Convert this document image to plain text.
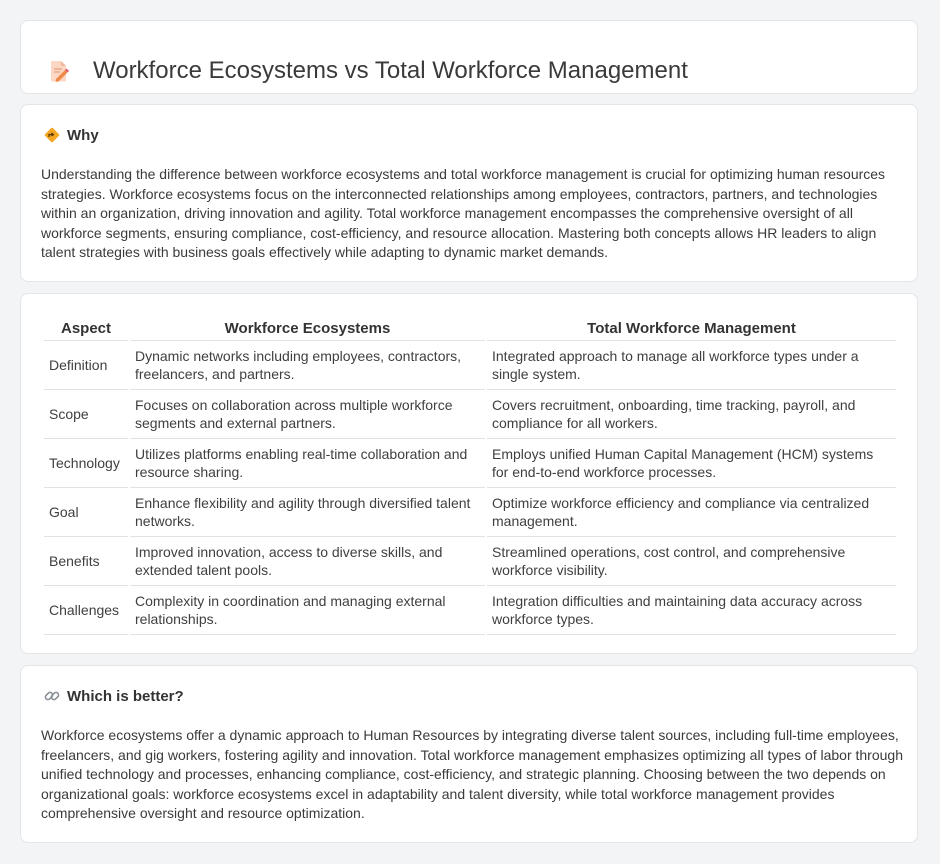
Workforce Ecosystems vs Total Workforce Management
Why

Understanding the difference between workforce ecosystems and total workforce management is crucial for optimizing human resources strategies. Workforce ecosystems focus on the interconnected relationships among employees, contractors, partners, and technologies within an organization, driving innovation and agility. Total workforce management encompasses the comprehensive oversight of all workforce segments, ensuring compliance, cost-efficiency, and resource allocation. Mastering both concepts allows HR leaders to align talent strategies with business goals effectively while adapting to dynamic market demands.

Aspect	Workforce Ecosystems	Total Workforce Management
Definition	Dynamic networks including employees, contractors, freelancers, and partners.	Integrated approach to manage all workforce types under a single system.
Scope	Focuses on collaboration across multiple workforce segments and external partners.	Covers recruitment, onboarding, time tracking, payroll, and compliance for all workers.
Technology	Utilizes platforms enabling real-time collaboration and resource sharing.	Employs unified Human Capital Management (HCM) systems for end-to-end workforce processes.
Goal	Enhance flexibility and agility through diversified talent networks.	Optimize workforce efficiency and compliance via centralized management.
Benefits	Improved innovation, access to diverse skills, and extended talent pools.	Streamlined operations, cost control, and comprehensive workforce visibility.
Challenges	Complexity in coordination and managing external relationships.	Integration difficulties and maintaining data accuracy across workforce types.
Which is better?

Workforce ecosystems offer a dynamic approach to Human Resources by integrating diverse talent sources, including full-time employees, freelancers, and gig workers, fostering agility and innovation. Total workforce management emphasizes optimizing all types of labor through unified technology and processes, enhancing compliance, cost-efficiency, and strategic planning. Choosing between the two depends on organizational goals: workforce ecosystems excel in adaptability and talent diversity, while total workforce management provides comprehensive oversight and resource optimization.
